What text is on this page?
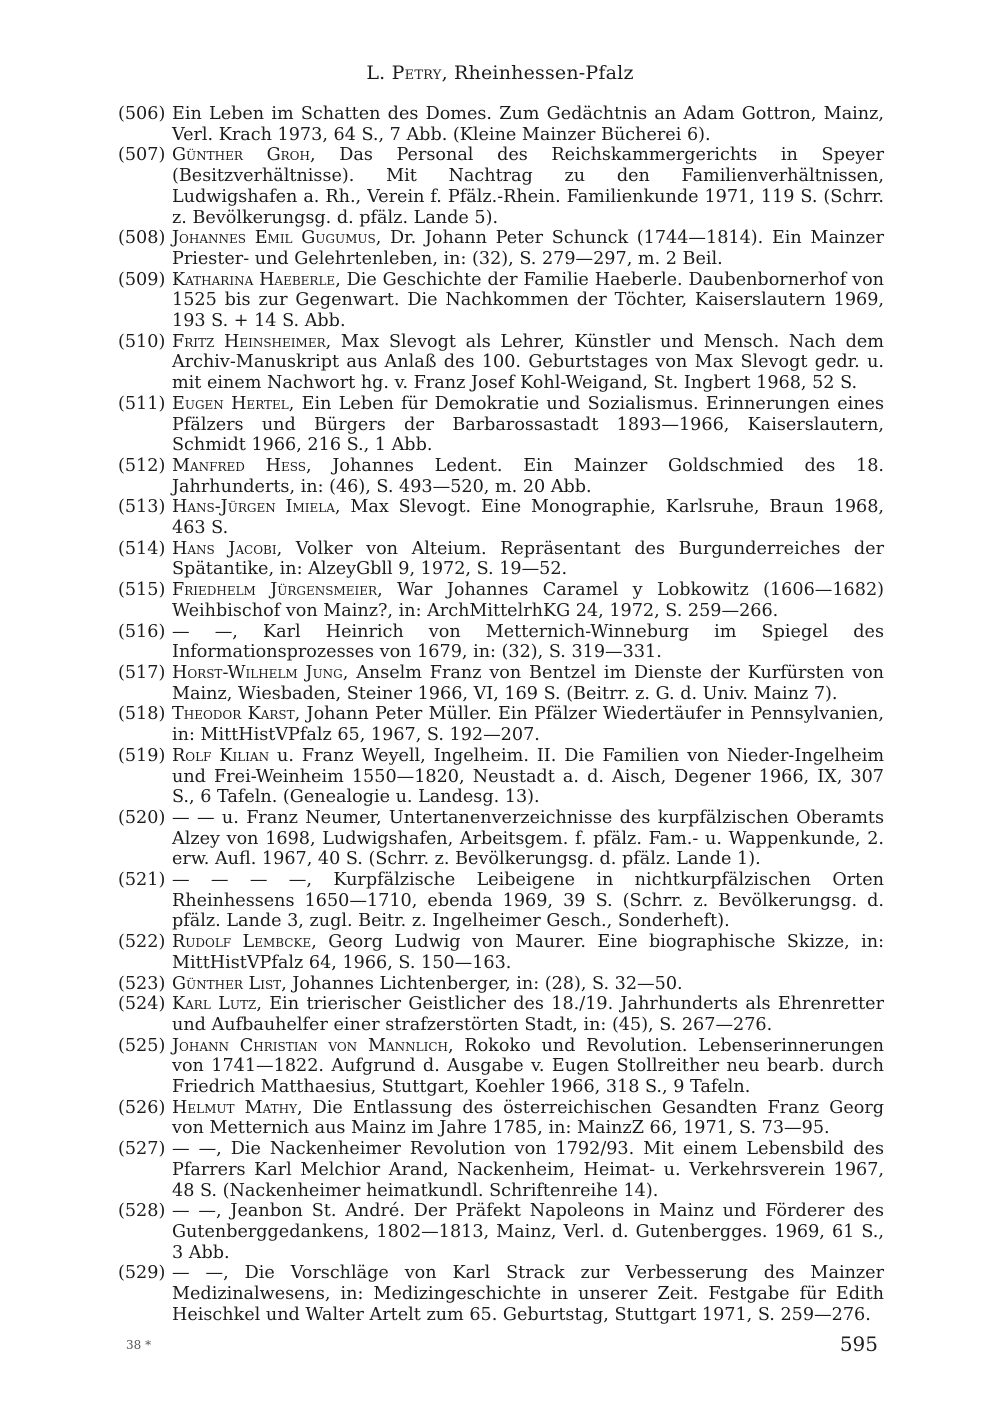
L. Petry, Rheinhessen-Pfalz
(506) Ein Leben im Schatten des Domes. Zum Gedächtnis an Adam Gottron, Mainz, Verl. Krach 1973, 64 S., 7 Abb. (Kleine Mainzer Bücherei 6).
(507) Günther Groh, Das Personal des Reichskammergerichts in Speyer (Besitzverhältnisse). Mit Nachtrag zu den Familienverhältnissen, Ludwigshafen a. Rh., Verein f. Pfälz.-Rhein. Familienkunde 1971, 119 S. (Schrr. z. Bevölkerungsg. d. pfälz. Lande 5).
(508) Johannes Emil Gugumus, Dr. Johann Peter Schunck (1744—1814). Ein Mainzer Priester- und Gelehrtenleben, in: (32), S. 279—297, m. 2 Beil.
(509) Katharina Haeberle, Die Geschichte der Familie Haeberle. Daubenbornerhof von 1525 bis zur Gegenwart. Die Nachkommen der Töchter, Kaiserslautern 1969, 193 S. + 14 S. Abb.
(510) Fritz Heinsheimer, Max Slevogt als Lehrer, Künstler und Mensch. Nach dem Archiv-Manuskript aus Anlaß des 100. Geburtstages von Max Slevogt gedr. u. mit einem Nachwort hg. v. Franz Josef Kohl-Weigand, St. Ingbert 1968, 52 S.
(511) Eugen Hertel, Ein Leben für Demokratie und Sozialismus. Erinnerungen eines Pfälzers und Bürgers der Barbarossastadt 1893—1966, Kaiserslautern, Schmidt 1966, 216 S., 1 Abb.
(512) Manfred Hess, Johannes Ledent. Ein Mainzer Goldschmied des 18. Jahrhunderts, in: (46), S. 493—520, m. 20 Abb.
(513) Hans-Jürgen Imiela, Max Slevogt. Eine Monographie, Karlsruhe, Braun 1968, 463 S.
(514) Hans Jacobi, Volker von Alteium. Repräsentant des Burgunderreiches der Spätantike, in: AlzeyGbll 9, 1972, S. 19—52.
(515) Friedhelm Jürgensmeier, War Johannes Caramel y Lobkowitz (1606—1682) Weihbischof von Mainz?, in: ArchMittelrhKG 24, 1972, S. 259—266.
(516) — —, Karl Heinrich von Metternich-Winneburg im Spiegel des Informationsprozesses von 1679, in: (32), S. 319—331.
(517) Horst-Wilhelm Jung, Anselm Franz von Bentzel im Dienste der Kurfürsten von Mainz, Wiesbaden, Steiner 1966, VI, 169 S. (Beitrr. z. G. d. Univ. Mainz 7).
(518) Theodor Karst, Johann Peter Müller. Ein Pfälzer Wiedertäufer in Pennsylvanien, in: MittHistVPfalz 65, 1967, S. 192—207.
(519) Rolf Kilian u. Franz Weyell, Ingelheim. II. Die Familien von Nieder-Ingelheim und Frei-Weinheim 1550—1820, Neustadt a. d. Aisch, Degener 1966, IX, 307 S., 6 Tafeln. (Genealogie u. Landesg. 13).
(520) — — u. Franz Neumer, Untertanenverzeichnisse des kurpfälzischen Oberamts Alzey von 1698, Ludwigshafen, Arbeitsgem. f. pfälz. Fam.- u. Wappenkunde, 2. erw. Aufl. 1967, 40 S. (Schrr. z. Bevölkerungsg. d. pfälz. Lande 1).
(521) — — — —, Kurpfälzische Leibeigene in nichtkurpfälzischen Orten Rheinhessens 1650—1710, ebenda 1969, 39 S. (Schrr. z. Bevölkerungsg. d. pfälz. Lande 3, zugl. Beitr. z. Ingelheimer Gesch., Sonderheft).
(522) Rudolf Lembcke, Georg Ludwig von Maurer. Eine biographische Skizze, in: MittHistVPfalz 64, 1966, S. 150—163.
(523) Günther List, Johannes Lichtenberger, in: (28), S. 32—50.
(524) Karl Lutz, Ein trierischer Geistlicher des 18./19. Jahrhunderts als Ehrenretter und Aufbauhelfer einer strafzerstörten Stadt, in: (45), S. 267—276.
(525) Johann Christian von Mannlich, Rokoko und Revolution. Lebenserinnerungen von 1741—1822. Aufgrund d. Ausgabe v. Eugen Stollreither neu bearb. durch Friedrich Matthaesius, Stuttgart, Koehler 1966, 318 S., 9 Tafeln.
(526) Helmut Mathy, Die Entlassung des österreichischen Gesandten Franz Georg von Metternich aus Mainz im Jahre 1785, in: MainzZ 66, 1971, S. 73—95.
(527) — —, Die Nackenheimer Revolution von 1792/93. Mit einem Lebensbild des Pfarrers Karl Melchior Arand, Nackenheim, Heimat- u. Verkehrsverein 1967, 48 S. (Nackenheimer heimatkundl. Schriftenreihe 14).
(528) — —, Jeanbon St. André. Der Präfekt Napoleons in Mainz und Förderer des Gutenberggedankens, 1802—1813, Mainz, Verl. d. Gutenbergges. 1969, 61 S., 3 Abb.
(529) — —, Die Vorschläge von Karl Strack zur Verbesserung des Mainzer Medizinalwesens, in: Medizingeschichte in unserer Zeit. Festgabe für Edith Heischkel und Walter Artelt zum 65. Geburtstag, Stuttgart 1971, S. 259—276.
38 *	595
